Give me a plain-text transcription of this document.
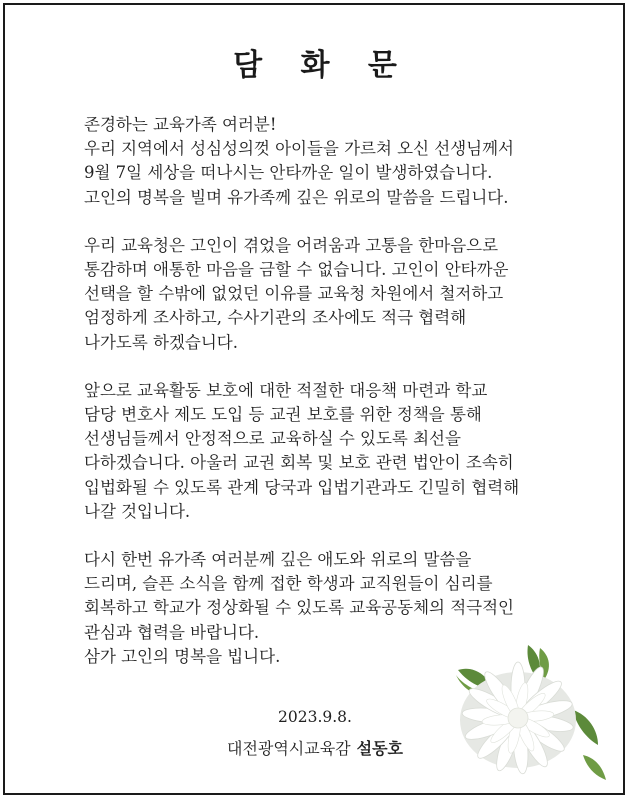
담 화 문
존경하는 교육가족 여러분!
우리 지역에서 성심성의껏 아이들을 가르쳐 오신 선생님께서
9월 7일 세상을 떠나시는 안타까운 일이 발생하였습니다.
고인의 명복을 빌며 유가족께 깊은 위로의 말씀을 드립니다.
우리 교육청은 고인이 겪었을 어려움과 고통을 한마음으로
통감하며 애통한 마음을 금할 수 없습니다. 고인이 안타까운
선택을 할 수밖에 없었던 이유를 교육청 차원에서 철저하고
엄정하게 조사하고, 수사기관의 조사에도 적극 협력해
나가도록 하겠습니다.
앞으로 교육활동 보호에 대한 적절한 대응책 마련과 학교
담당 변호사 제도 도입 등 교권 보호를 위한 정책을 통해
선생님들께서 안정적으로 교육하실 수 있도록 최선을
다하겠습니다. 아울러 교권 회복 및 보호 관련 법안이 조속히
입법화될 수 있도록 관계 당국과 입법기관과도 긴밀히 협력해
나갈 것입니다.
다시 한번 유가족 여러분께 깊은 애도와 위로의 말씀을
드리며, 슬픈 소식을 함께 접한 학생과 교직원들이 심리를
회복하고 학교가 정상화될 수 있도록 교육공동체의 적극적인
관심과 협력을 바랍니다.
삼가 고인의 명복을 빕니다.
2023.9.8.
대전광역시교육감 설동호
